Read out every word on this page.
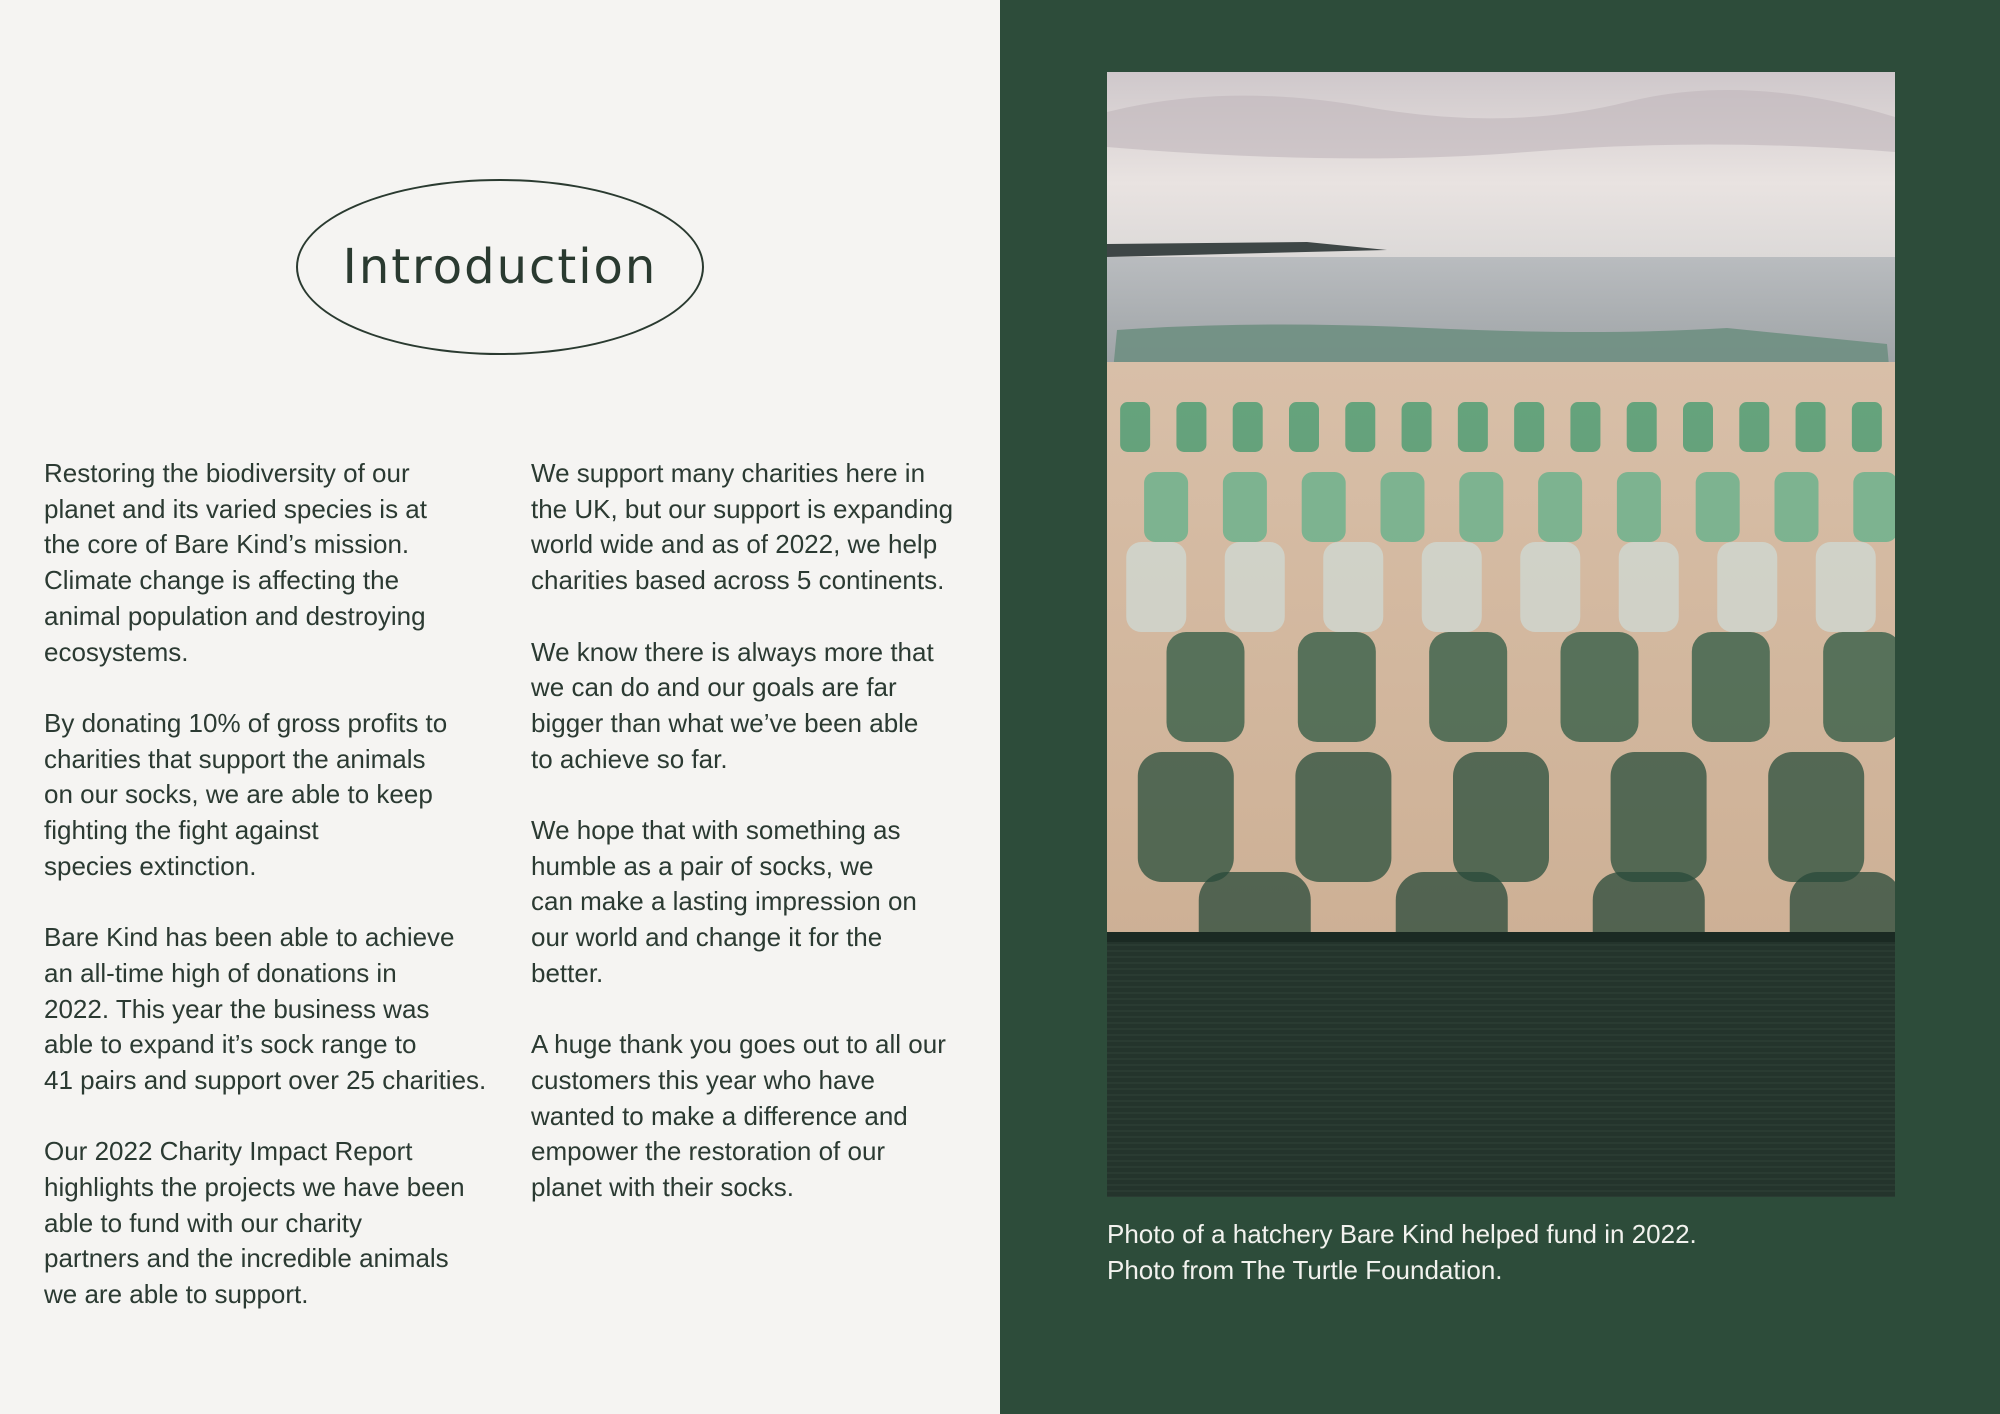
Introduction

Restoring the biodiversity of our
planet and its varied species is at
the core of Bare Kind’s mission.
Climate change is affecting the
animal population and destroying
ecosystems.

By donating 10% of gross profits to
charities that support the animals
on our socks, we are able to keep
fighting the fight against
species extinction.

Bare Kind has been able to achieve
an all-time high of donations in
2022. This year the business was
able to expand it’s sock range to
41 pairs and support over 25 charities.

Our 2022 Charity Impact Report
highlights the projects we have been
able to fund with our charity
partners and the incredible animals
we are able to support.

We support many charities here in
the UK, but our support is expanding
world wide and as of 2022, we help
charities based across 5 continents.

We know there is always more that
we can do and our goals are far
bigger than what we’ve been able
to achieve so far.

We hope that with something as
humble as a pair of socks, we
can make a lasting impression on
our world and change it for the
better.

A huge thank you goes out to all our
customers this year who have
wanted to make a difference and
empower the restoration of our
planet with their socks.

Photo of a hatchery Bare Kind helped fund in 2022.
Photo from The Turtle Foundation.
